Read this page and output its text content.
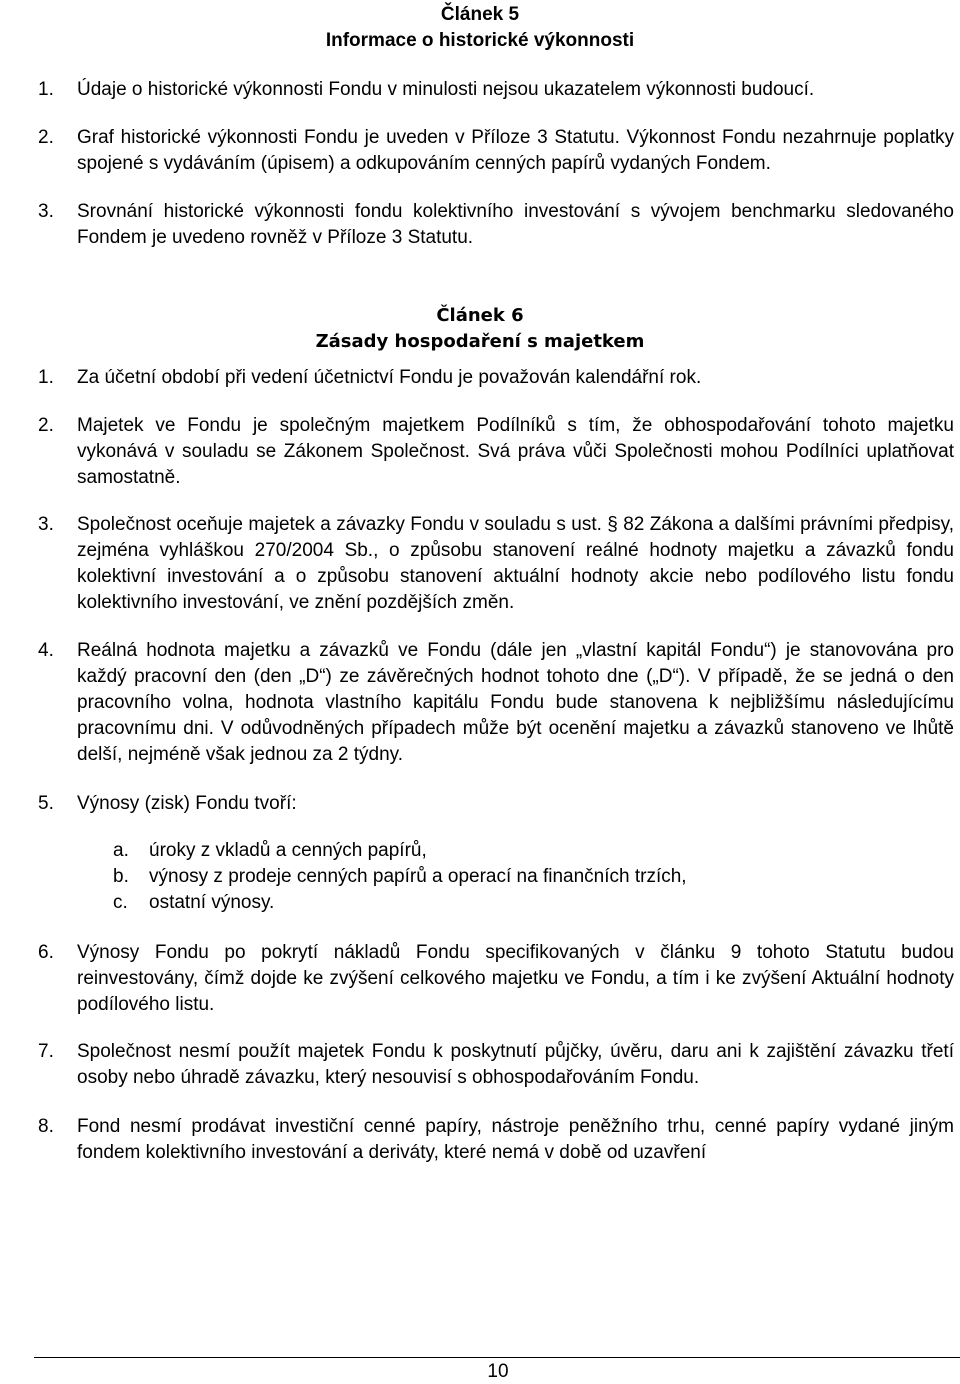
Článek 5
Informace o historické výkonnosti
1. Údaje o historické výkonnosti Fondu v minulosti nejsou ukazatelem výkonnosti budoucí.
2. Graf historické výkonnosti Fondu je uveden v Příloze 3 Statutu. Výkonnost Fondu nezahrnuje poplatky spojené s vydáváním (úpisem) a odkupováním cenných papírů vydaných Fondem.
3. Srovnání historické výkonnosti fondu kolektivního investování s vývojem benchmarku sledovaného Fondem je uvedeno rovněž v Příloze 3 Statutu.
Článek 6
Zásady hospodaření s majetkem
1. Za účetní období při vedení účetnictví Fondu je považován kalendářní rok.
2. Majetek ve Fondu je společným majetkem Podílníků s tím, že obhospodařování tohoto majetku vykonává v souladu se Zákonem Společnost. Svá práva vůči Společnosti mohou Podílníci uplatňovat samostatně.
3. Společnost oceňuje majetek a závazky Fondu v souladu s ust. § 82 Zákona a dalšími právními předpisy, zejména vyhláškou 270/2004 Sb., o způsobu stanovení reálné hodnoty majetku a závazků fondu kolektivní investování a o způsobu stanovení aktuální hodnoty akcie nebo podílového listu fondu kolektivního investování, ve znění pozdějších změn.
4. Reálná hodnota majetku a závazků ve Fondu (dále jen „vlastní kapitál Fondu“) je stanovována pro každý pracovní den (den „D“) ze závěrečných hodnot tohoto dne („D“). V případě, že se jedná o den pracovního volna, hodnota vlastního kapitálu Fondu bude stanovena k nejbližšímu následujícímu pracovnímu dni. V odůvodněných případech může být ocenění majetku a závazků stanoveno ve lhůtě delší, nejméně však jednou za 2 týdny.
5. Výnosy (zisk) Fondu tvoří:
a. úroky z vkladů a cenných papírů,
b. výnosy z prodeje cenných papírů a operací na finančních trzích,
c. ostatní výnosy.
6. Výnosy Fondu po pokrytí nákladů Fondu specifikovaných v článku 9 tohoto Statutu budou reinvestovány, čímž dojde ke zvýšení celkového majetku ve Fondu, a tím i ke zvýšení Aktuální hodnoty podílového listu.
7. Společnost nesmí použít majetek Fondu k poskytnutí půjčky, úvěru, daru ani k zajištění závazku třetí osoby nebo úhradě závazku, který nesouvisí s obhospodařováním Fondu.
8. Fond nesmí prodávat investiční cenné papíry, nástroje peněžního trhu, cenné papíry vydané jiným fondem kolektivního investování a deriváty, které nemá v době od uzavření
10
